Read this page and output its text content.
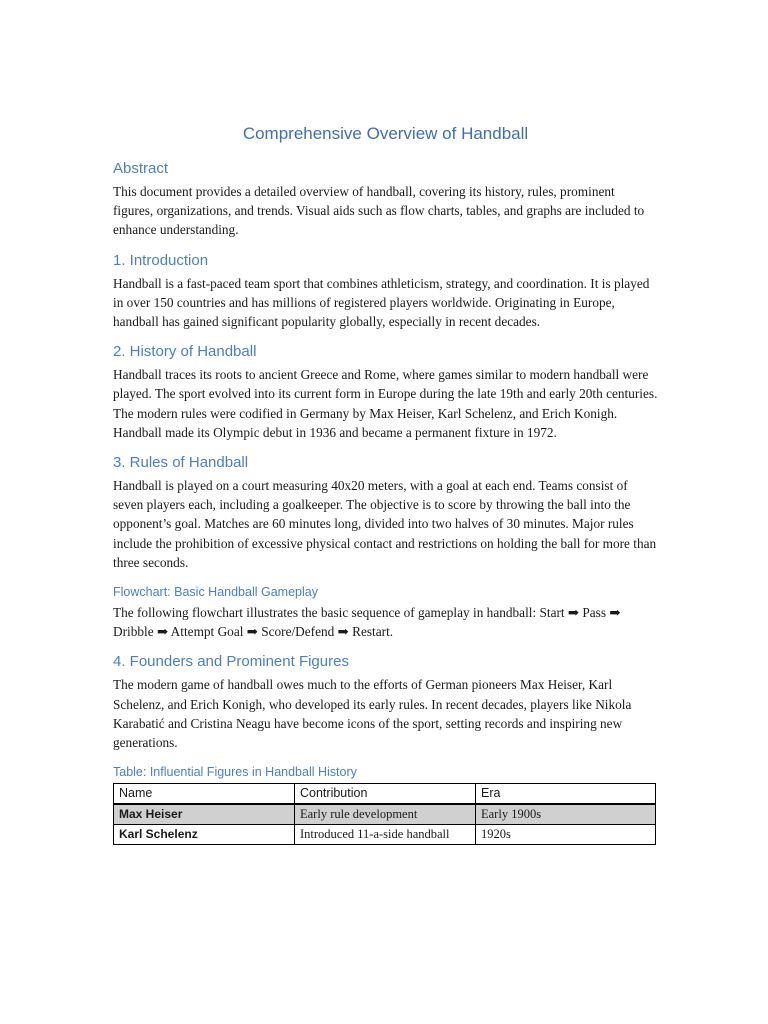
Comprehensive Overview of Handball
Abstract

This document provides a detailed overview of handball, covering its history, rules, prominent figures, organizations, and trends. Visual aids such as flow charts, tables, and graphs are included to enhance understanding.

1. Introduction

Handball is a fast-paced team sport that combines athleticism, strategy, and coordination. It is played in over 150 countries and has millions of registered players worldwide. Originating in Europe, handball has gained significant popularity globally, especially in recent decades.

2. History of Handball

Handball traces its roots to ancient Greece and Rome, where games similar to modern handball were played. The sport evolved into its current form in Europe during the late 19th and early 20th centuries. The modern rules were codified in Germany by Max Heiser, Karl Schelenz, and Erich Konigh. Handball made its Olympic debut in 1936 and became a permanent fixture in 1972.

3. Rules of Handball

Handball is played on a court measuring 40x20 meters, with a goal at each end. Teams consist of seven players each, including a goalkeeper. The objective is to score by throwing the ball into the opponent’s goal. Matches are 60 minutes long, divided into two halves of 30 minutes. Major rules include the prohibition of excessive physical contact and restrictions on holding the ball for more than three seconds.

Flowchart: Basic Handball Gameplay

The following flowchart illustrates the basic sequence of gameplay in handball: Start ➡ Pass ➡ Dribble ➡ Attempt Goal ➡ Score/Defend ➡ Restart.

4. Founders and Prominent Figures

The modern game of handball owes much to the efforts of German pioneers Max Heiser, Karl Schelenz, and Erich Konigh, who developed its early rules. In recent decades, players like Nikola Karabatić and Cristina Neagu have become icons of the sport, setting records and inspiring new generations.

Table: Influential Figures in Handball History
Name	Contribution	Era
Max Heiser	Early rule development	Early 1900s
Karl Schelenz	Introduced 11-a-side handball	1920s
